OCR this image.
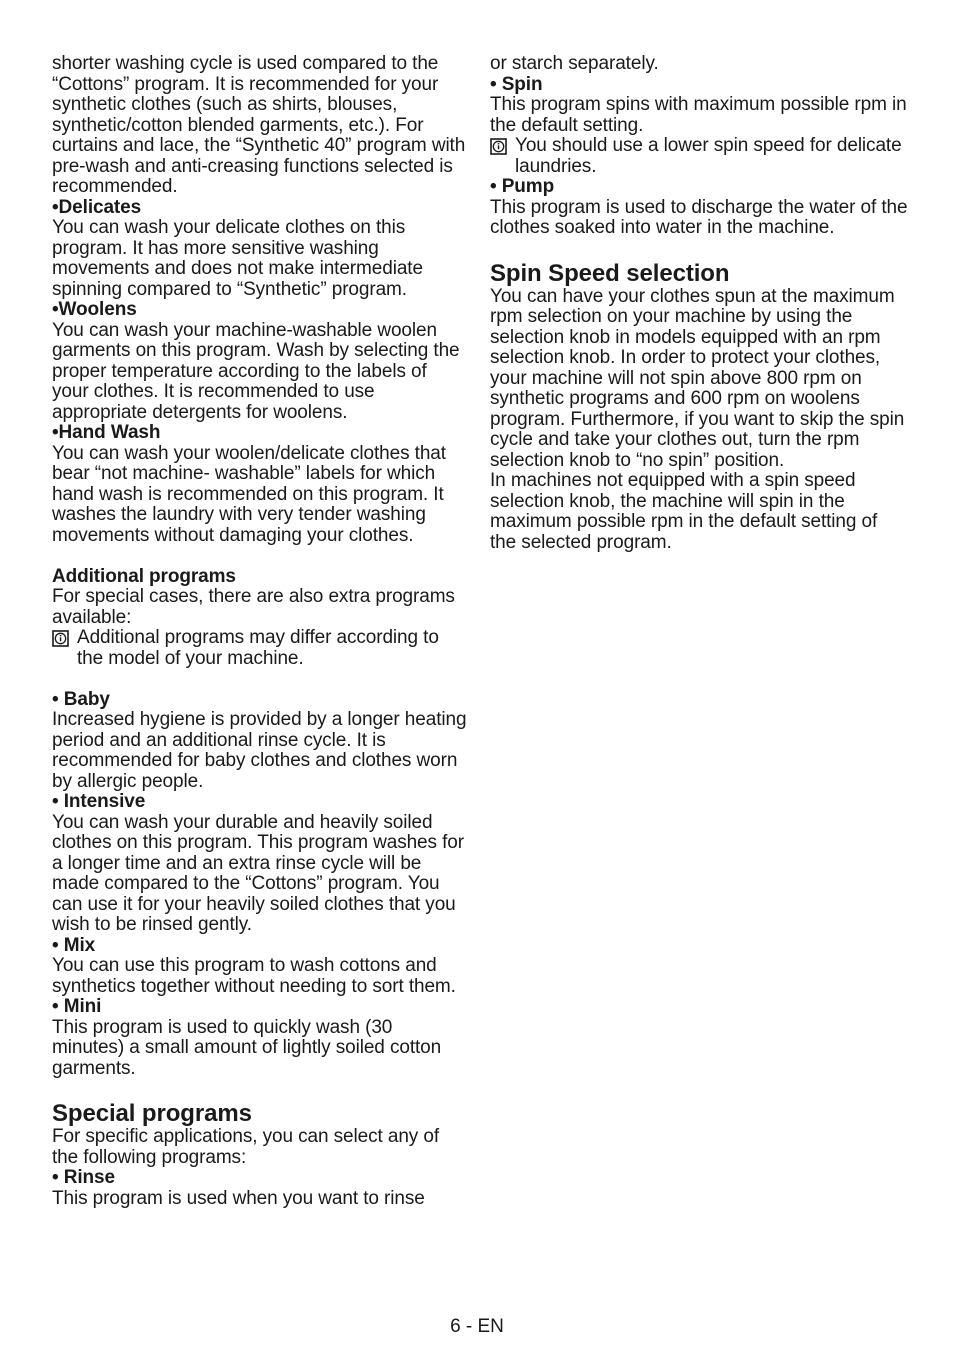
shorter washing cycle is used compared to the “Cottons” program. It is recommended for your synthetic clothes (such as shirts, blouses, synthetic/cotton blended garments, etc.). For curtains and lace, the “Synthetic 40” program with pre-wash and anti-creasing functions selected is recommended.

•Delicates

You can wash your delicate clothes on this program. It has more sensitive washing movements and does not make intermediate spinning compared to “Synthetic” program.

•Woolens

You can wash your machine-washable woolen garments on this program. Wash by selecting the proper temperature according to the labels of your clothes. It is recommended to use appropriate detergents for woolens.

•Hand Wash

You can wash your woolen/delicate clothes that bear “not machine- washable” labels for which hand wash is recommended on this program. It washes the laundry with very tender washing movements without damaging your clothes.

Additional programs

For special cases, there are also extra programs available:

Additional programs may differ according to the model of your machine.

• Baby

Increased hygiene is provided by a longer heating period and an additional rinse cycle. It is recommended for baby clothes and clothes worn by allergic people.

• Intensive

You can wash your durable and heavily soiled clothes on this program. This program washes for a longer time and an extra rinse cycle will be made compared to the “Cottons” program. You can use it for your heavily soiled clothes that you wish to be rinsed gently.

• Mix

You can use this program to wash cottons and synthetics together without needing to sort them.

• Mini

This program is used to quickly wash (30 minutes) a small amount of lightly soiled cotton garments.

Special programs

For specific applications, you can select any of the following programs:

• Rinse

This program is used when you want to rinse

or starch separately.

• Spin

This program spins with maximum possible rpm in the default setting.

You should use a lower spin speed for delicate laundries.

• Pump

This program is used to discharge the water of the clothes soaked into water in the machine.

Spin Speed selection

You can have your clothes spun at the maximum rpm selection on your machine by using the selection knob in models equipped with an rpm selection knob. In order to protect your clothes, your machine will not spin above 800 rpm on synthetic programs and 600 rpm on woolens program. Furthermore, if you want to skip the spin cycle and take your clothes out, turn the rpm selection knob to “no spin” position.

In machines not equipped with a spin speed selection knob, the machine will spin in the maximum possible rpm in the default setting of the selected program.

6 - EN
